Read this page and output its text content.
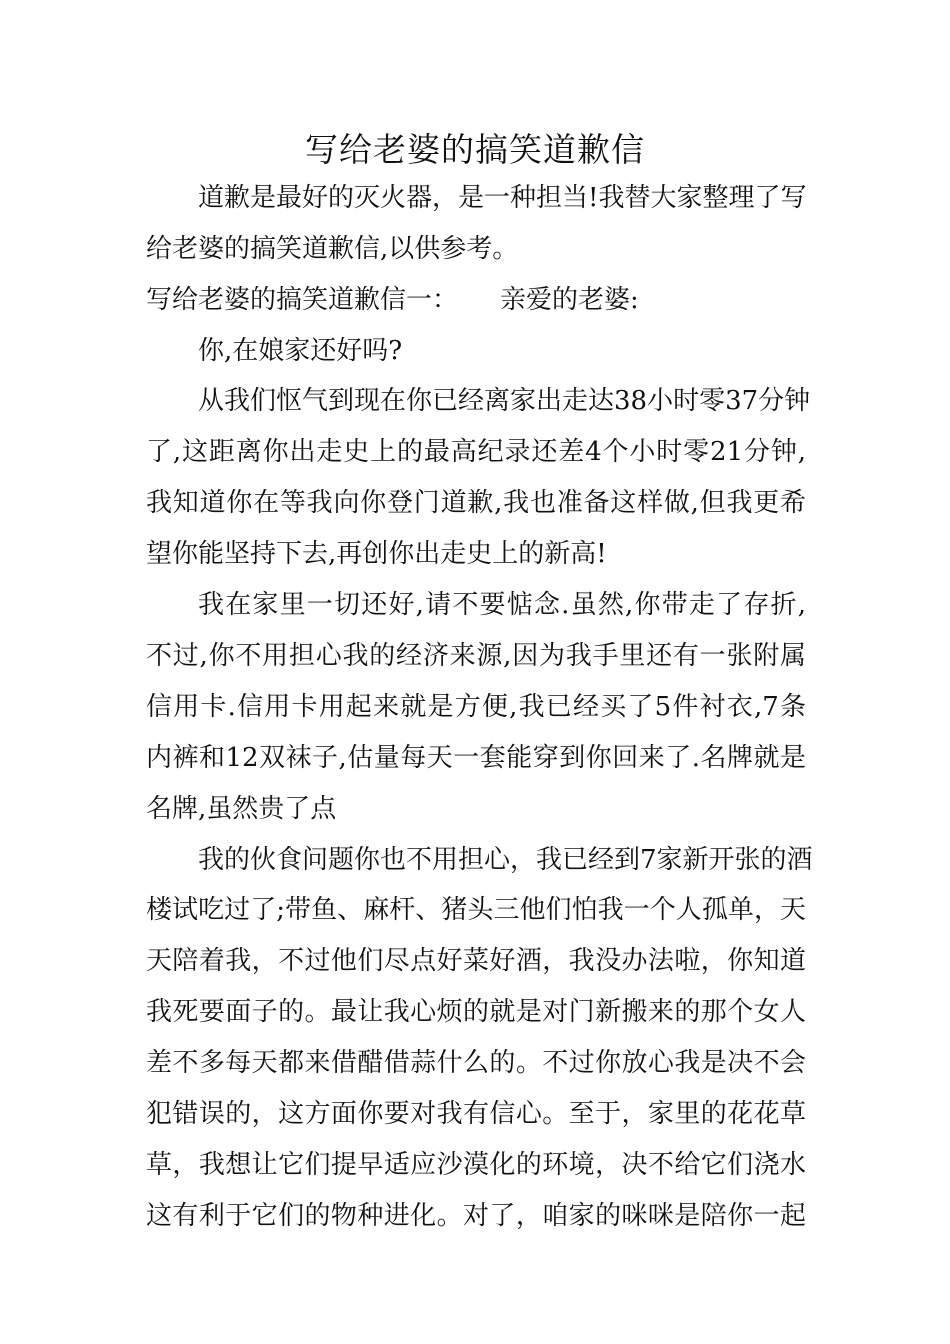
写给老婆的搞笑道歉信

道歉是最好的灭火器，是一种担当!我替大家整理了写

给老婆的搞笑道歉信,以供参考。

写给老婆的搞笑道歉信一： 亲爱的老婆:

你,在娘家还好吗?

从我们怄气到现在你已经离家出走达38小时零37分钟

了,这距离你出走史上的最高纪录还差4个小时零21分钟,

我知道你在等我向你登门道歉,我也准备这样做,但我更希

望你能坚持下去,再创你出走史上的新高!

我在家里一切还好,请不要惦念.虽然,你带走了存折,

不过,你不用担心我的经济来源,因为我手里还有一张附属

信用卡.信用卡用起来就是方便,我已经买了5件衬衣,7条

内裤和12双袜子,估量每天一套能穿到你回来了.名牌就是

名牌,虽然贵了点

我的伙食问题你也不用担心，我已经到7家新开张的酒

楼试吃过了;带鱼、麻杆、猪头三他们怕我一个人孤单，天

天陪着我，不过他们尽点好菜好酒，我没办法啦，你知道

我死要面子的。最让我心烦的就是对门新搬来的那个女人

差不多每天都来借醋借蒜什么的。不过你放心我是决不会

犯错误的，这方面你要对我有信心。至于，家里的花花草

草，我想让它们提早适应沙漠化的环境，决不给它们浇水

这有利于它们的物种进化。对了，咱家的咪咪是陪你一起
